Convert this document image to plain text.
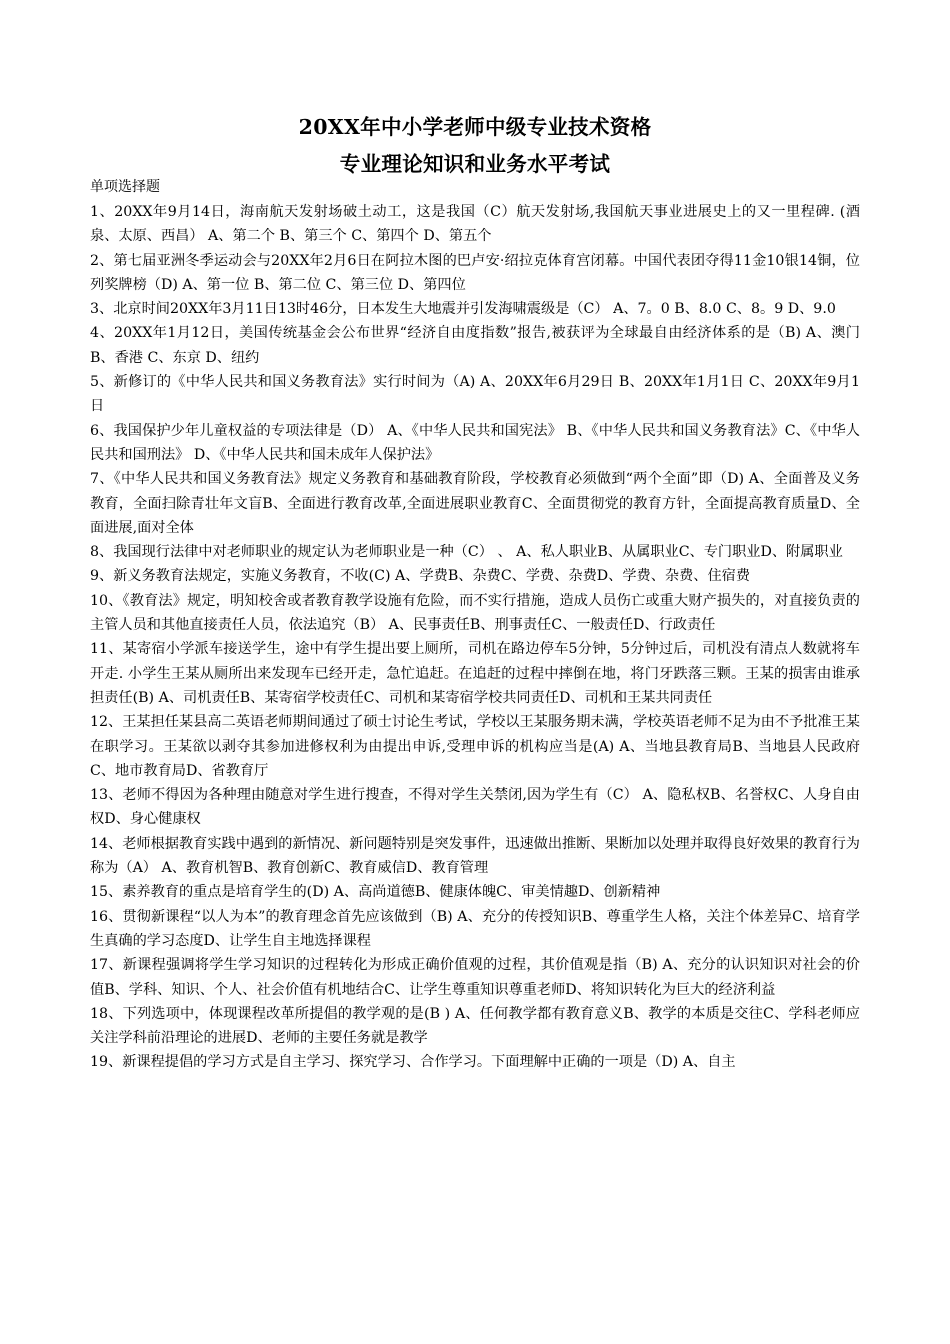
20XX年中小学老师中级专业技术资格
专业理论知识和业务水平考试
单项选择题

1、20XX年9月14日，海南航天发射场破土动工，这是我国（C）航天发射场,我国航天事业进展史上的又一里程碑. (酒泉、太原、西昌） A、第二个 B、第三个 C、第四个 D、第五个

2、第七届亚洲冬季运动会与20XX年2月6日在阿拉木图的巴卢安·绍拉克体育宫闭幕。中国代表团夺得11金10银14铜，位列奖牌榜（D) A、第一位 B、第二位 C、第三位 D、第四位

3、北京时间20XX年3月11日13时46分，日本发生大地震并引发海啸震级是（C） A、7。0 B、8.0 C、8。9 D、9.0

4、20XX年1月12日，美国传统基金会公布世界“经济自由度指数”报告,被获评为全球最自由经济体系的是（B) A、澳门 B、香港 C、东京 D、纽约

5、新修订的《中华人民共和国义务教育法》实行时间为（A) A、20XX年6月29日 B、20XX年1月1日 C、20XX年9月1日

6、我国保护少年儿童权益的专项法律是（D） A、《中华人民共和国宪法》 B、《中华人民共和国义务教育法》C、《中华人民共和国刑法》 D、《中华人民共和国未成年人保护法》

7、《中华人民共和国义务教育法》规定义务教育和基础教育阶段，学校教育必须做到“两个全面”即（D) A、全面普及义务教育，全面扫除青壮年文盲B、全面进行教育改革,全面进展职业教育C、全面贯彻党的教育方针，全面提高教育质量D、全面进展,面对全体

8、我国现行法律中对老师职业的规定认为老师职业是一种（C） 、 A、私人职业B、从属职业C、专门职业D、附属职业

9、新义务教育法规定，实施义务教育，不收(C) A、学费B、杂费C、学费、杂费D、学费、杂费、住宿费

10、《教育法》规定，明知校舍或者教育教学设施有危险，而不实行措施，造成人员伤亡或重大财产损失的，对直接负责的主管人员和其他直接责任人员，依法追究（B） A、民事责任B、刑事责任C、一般责任D、行政责任

11、某寄宿小学派车接送学生，途中有学生提出要上厕所，司机在路边停车5分钟，5分钟过后，司机没有清点人数就将车开走. 小学生王某从厕所出来发现车已经开走，急忙追赶。在追赶的过程中摔倒在地，将门牙跌落三颗。王某的损害由谁承担责任(B) A、司机责任B、某寄宿学校责任C、司机和某寄宿学校共同责任D、司机和王某共同责任

12、王某担任某县高二英语老师期间通过了硕士讨论生考试，学校以王某服务期未满，学校英语老师不足为由不予批准王某在职学习。王某欲以剥夺其参加进修权利为由提出申诉,受理申诉的机构应当是(A) A、当地县教育局B、当地县人民政府C、地市教育局D、省教育厅

13、老师不得因为各种理由随意对学生进行搜查，不得对学生关禁闭,因为学生有（C） A、隐私权B、名誉权C、人身自由权D、身心健康权

14、老师根据教育实践中遇到的新情况、新问题特别是突发事件，迅速做出推断、果断加以处理并取得良好效果的教育行为称为（A） A、教育机智B、教育创新C、教育威信D、教育管理

15、素养教育的重点是培育学生的(D) A、高尚道德B、健康体魄C、审美情趣D、创新精神

16、贯彻新课程“以人为本”的教育理念首先应该做到（B) A、充分的传授知识B、尊重学生人格，关注个体差异C、培育学生真确的学习态度D、让学生自主地选择课程

17、新课程强调将学生学习知识的过程转化为形成正确价值观的过程，其价值观是指（B) A、充分的认识知识对社会的价值B、学科、知识、个人、社会价值有机地结合C、让学生尊重知识尊重老师D、将知识转化为巨大的经济利益

18、下列选项中，体现课程改革所提倡的教学观的是(B ) A、任何教学都有教育意义B、教学的本质是交往C、学科老师应关注学科前沿理论的进展D、老师的主要任务就是教学

19、新课程提倡的学习方式是自主学习、探究学习、合作学习。下面理解中正确的一项是（D) A、自主
